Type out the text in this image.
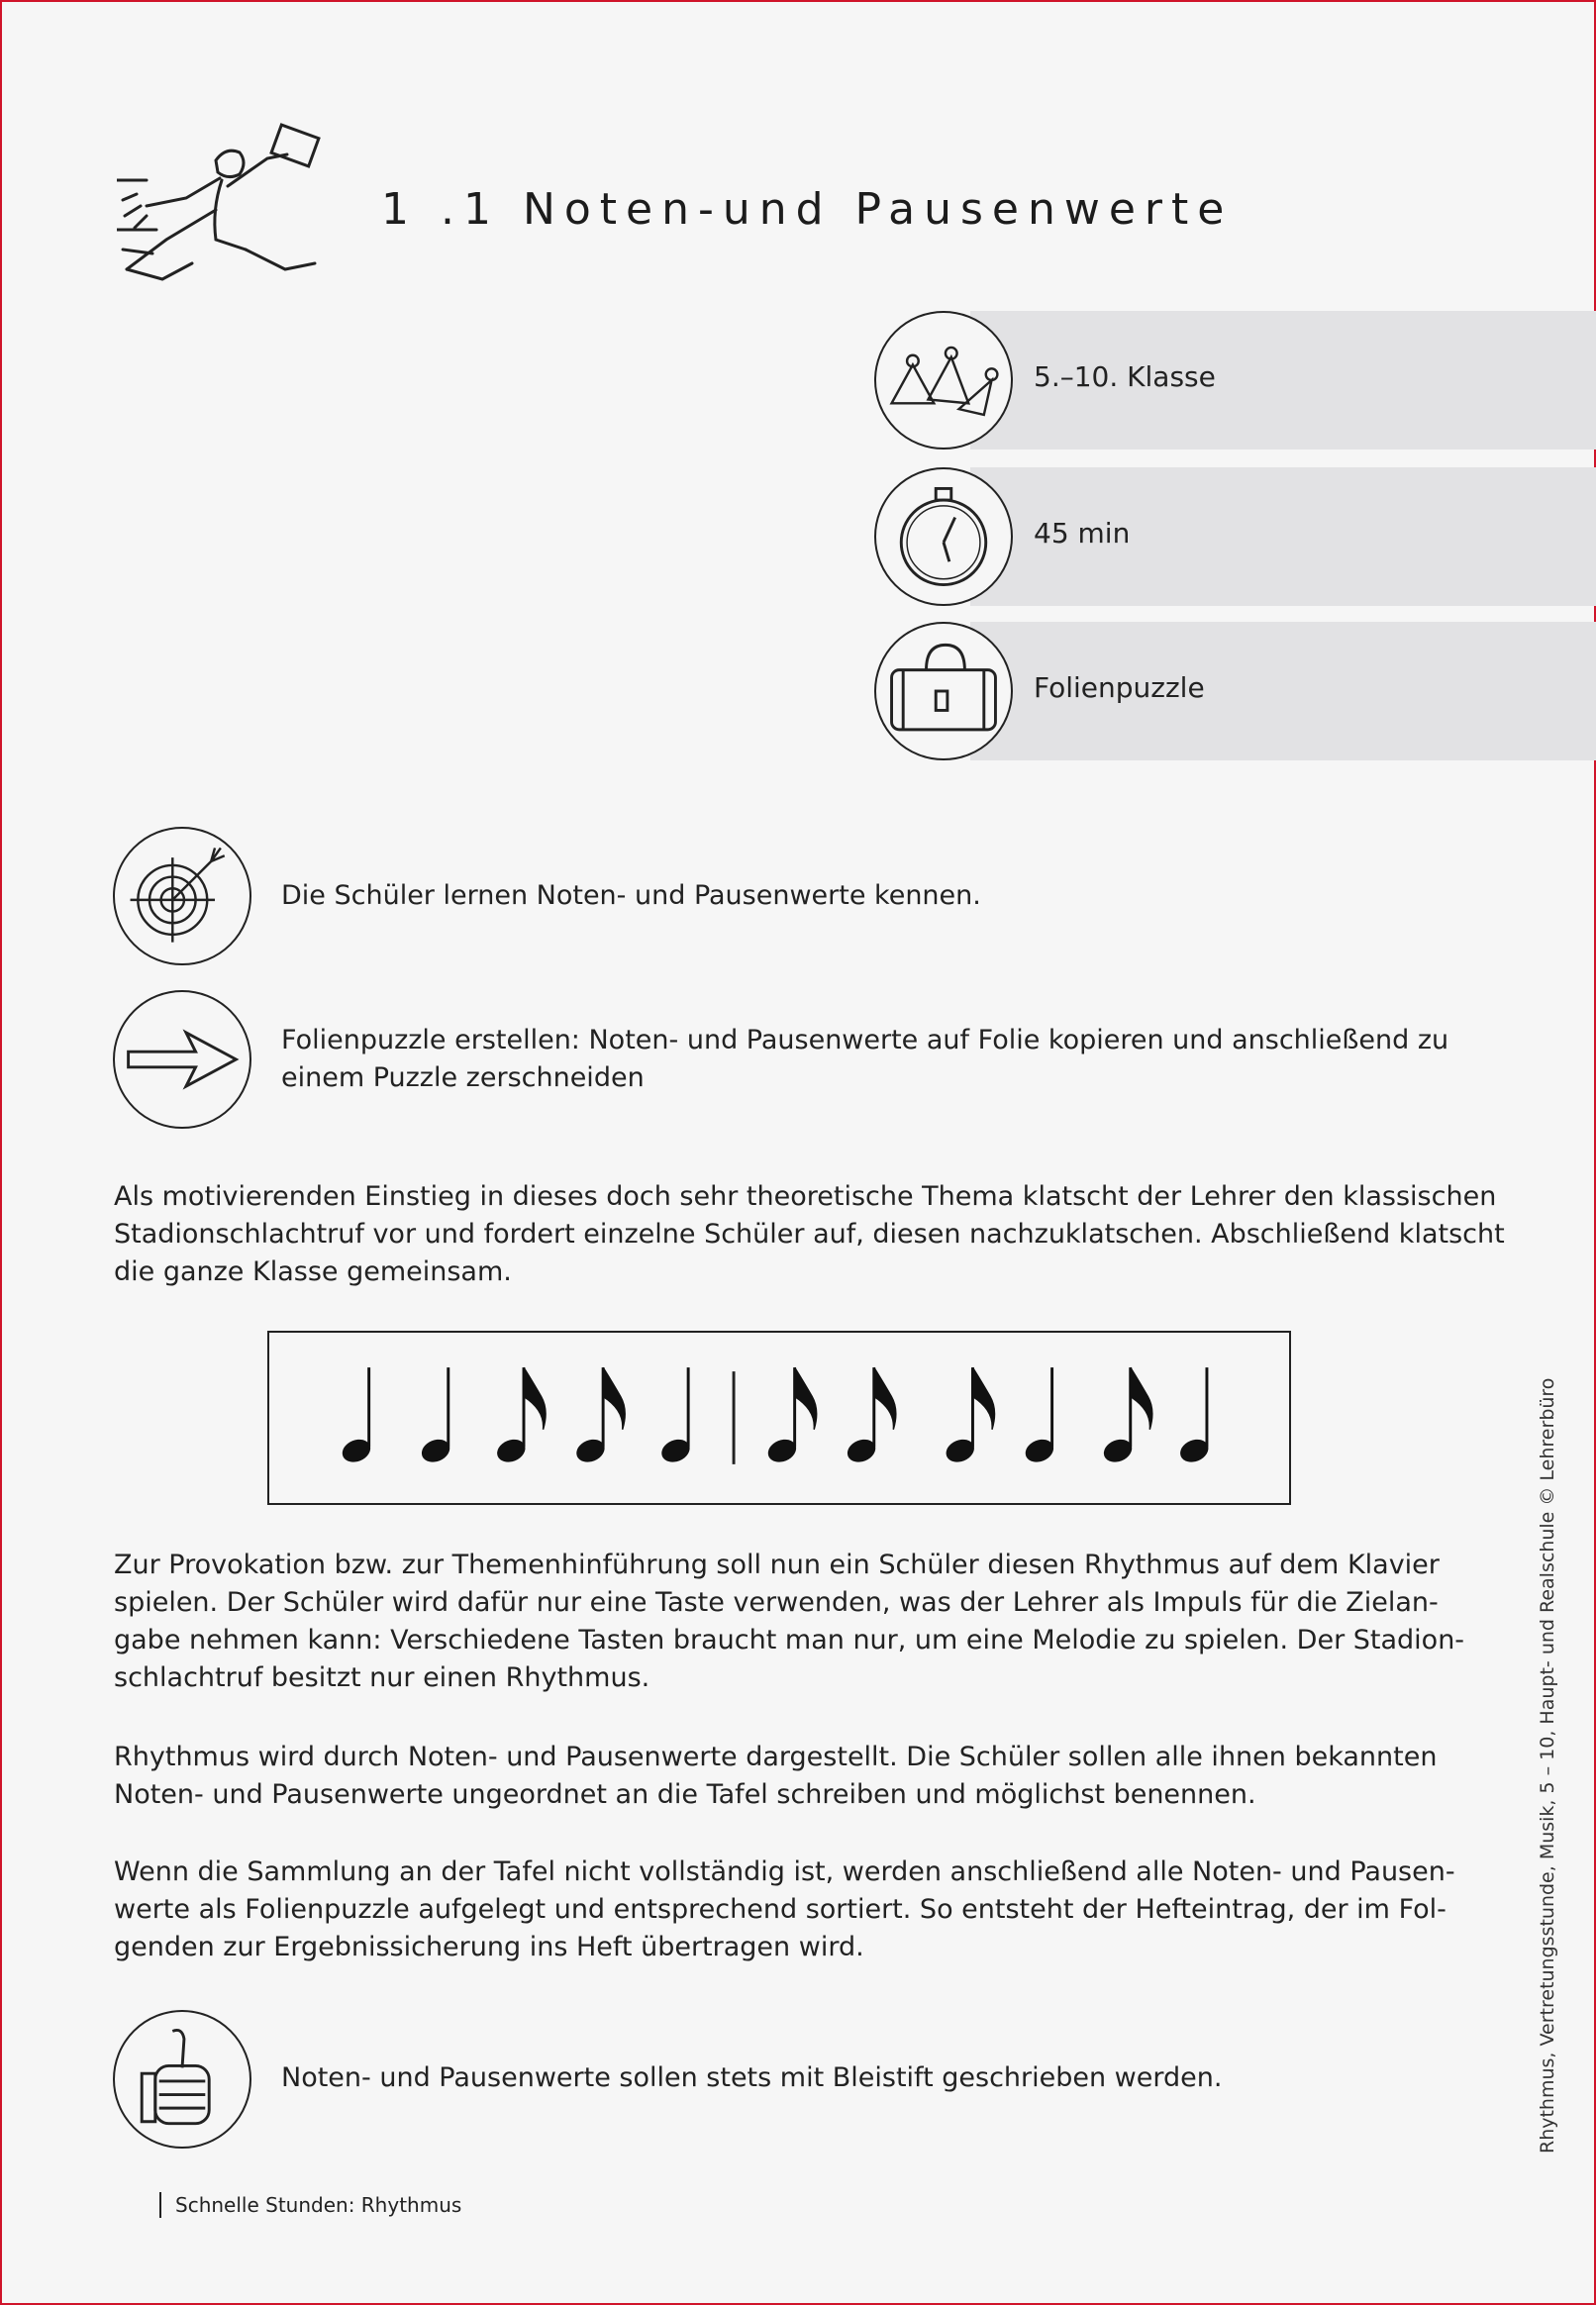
1 .1 Noten-und Pausenwerte
5.–10. Klasse
45 min
Folienpuzzle
Die Schüler lernen Noten- und Pausenwerte kennen.
Folienpuzzle erstellen: Noten- und Pausenwerte auf Folie kopieren und anschließend zu
einem Puzzle zerschneiden

Als motivierenden Einstieg in dieses doch sehr theoretische Thema klatscht der Lehrer den klassischen
Stadionschlachtruf vor und fordert einzelne Schüler auf, diesen nachzuklatschen. Abschließend klatscht
die ganze Klasse gemeinsam.

Zur Provokation bzw. zur Themenhinführung soll nun ein Schüler diesen Rhythmus auf dem Klavier
spielen. Der Schüler wird dafür nur eine Taste verwenden, was der Lehrer als Impuls für die Zielan-
gabe nehmen kann: Verschiedene Tasten braucht man nur, um eine Melodie zu spielen. Der Stadion-
schlachtruf besitzt nur einen Rhythmus.

Rhythmus wird durch Noten- und Pausenwerte dargestellt. Die Schüler sollen alle ihnen bekannten
Noten- und Pausenwerte ungeordnet an die Tafel schreiben und möglichst benennen.

Wenn die Sammlung an der Tafel nicht vollständig ist, werden anschließend alle Noten- und Pausen-
werte als Folienpuzzle aufgelegt und entsprechend sortiert. So entsteht der Hefteintrag, der im Fol-
genden zur Ergebnissicherung ins Heft übertragen wird.

Noten- und Pausenwerte sollen stets mit Bleistift geschrieben werden.
Schnelle Stunden: Rhythmus
Rhythmus, Vertretungsstunde, Musik, 5 – 10, Haupt- und Realschule © Lehrerbüro
